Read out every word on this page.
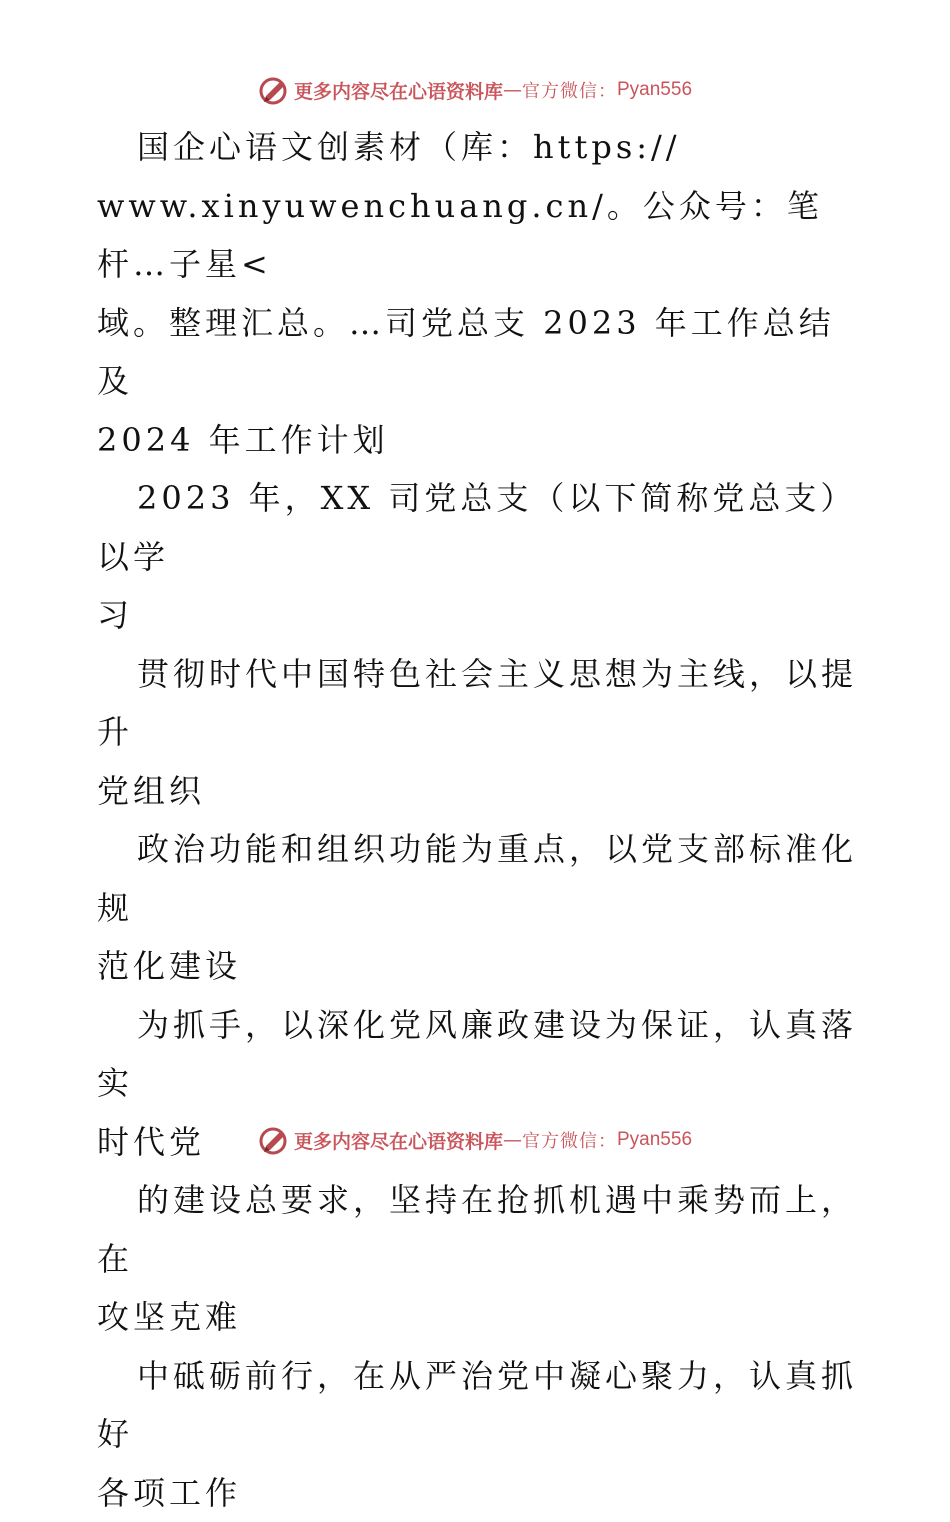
更多内容尽在心语资料库 — 官方微信： Pyan556

国企心语文创素材（库：https://

www.xinyuwenchuang.cn/。公众号：笔杆…子星<

域。整理汇总。…司党总支 2023 年工作总结及

2024 年工作计划

2023 年，XX 司党总支（以下简称党总支）以学

习

贯彻时代中国特色社会主义思想为主线，以提升

党组织

政治功能和组织功能为重点，以党支部标准化规

范化建设

为抓手，以深化党风廉政建设为保证，认真落实

时代党

的建设总要求，坚持在抢抓机遇中乘势而上，在

攻坚克难

中砥砺前行，在从严治党中凝心聚力，认真抓好

各项工作

更多内容尽在心语资料库 — 官方微信： Pyan556
